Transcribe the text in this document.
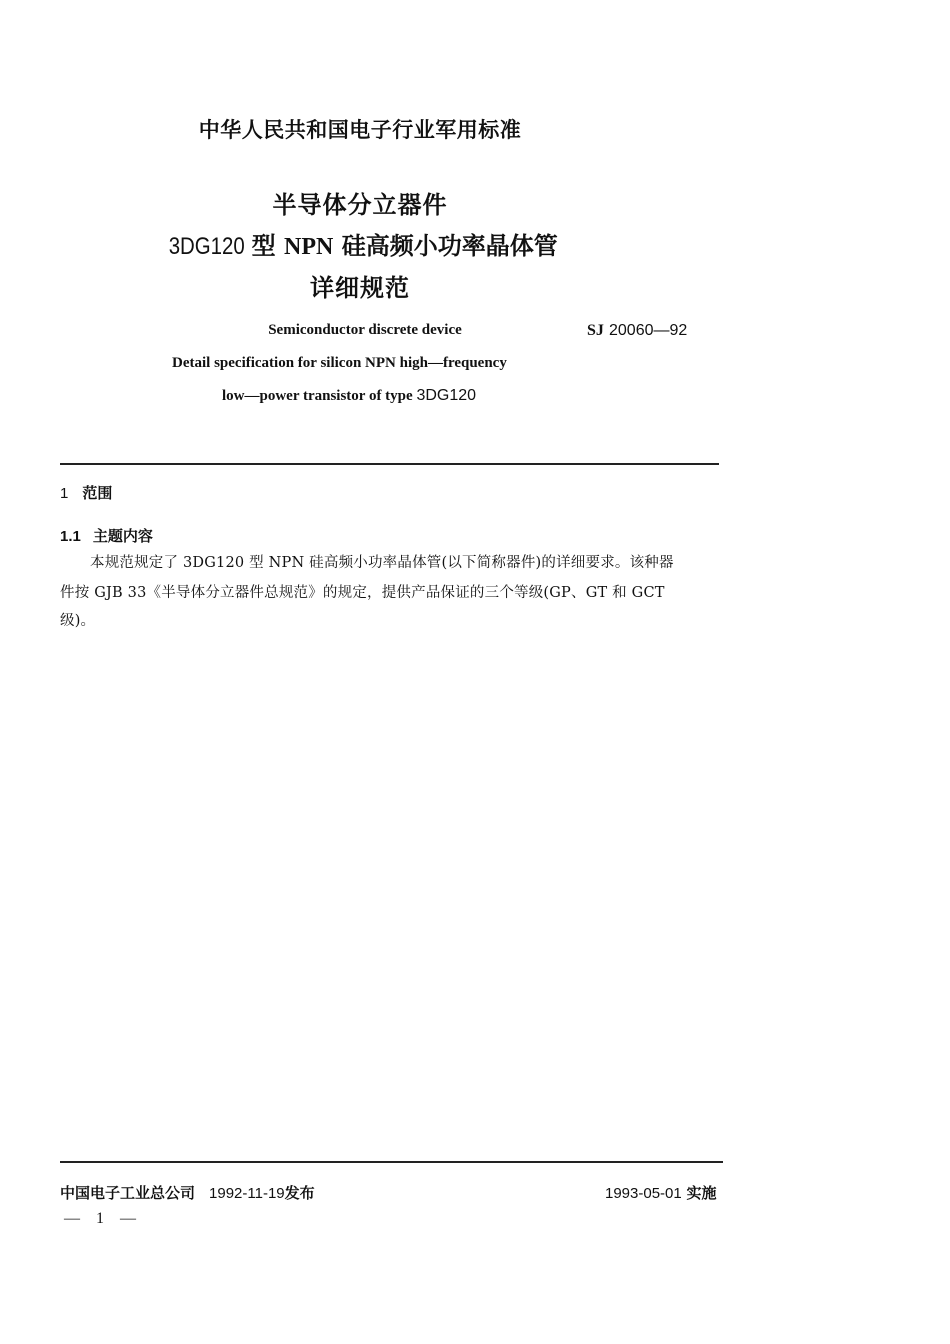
中华人民共和国电子行业军用标准
半导体分立器件
3DG120 型 NPN 硅高频小功率晶体管
详细规范
Semiconductor discrete device	SJ 20060—92
Detail specification for silicon NPN high—frequency
low—power transistor of type 3DG120
1 范围
1.1 主题内容
本规范规定了 3DG120 型 NPN 硅高频小功率晶体管(以下简称器件)的详细要求。该种器
件按 GJB 33《半导体分立器件总规范》的规定，提供产品保证的三个等级(GP、GT 和 GCT
级)。
中国电子工业总公司 1992-11-19发布	1993-05-01 实施
— 1 —
